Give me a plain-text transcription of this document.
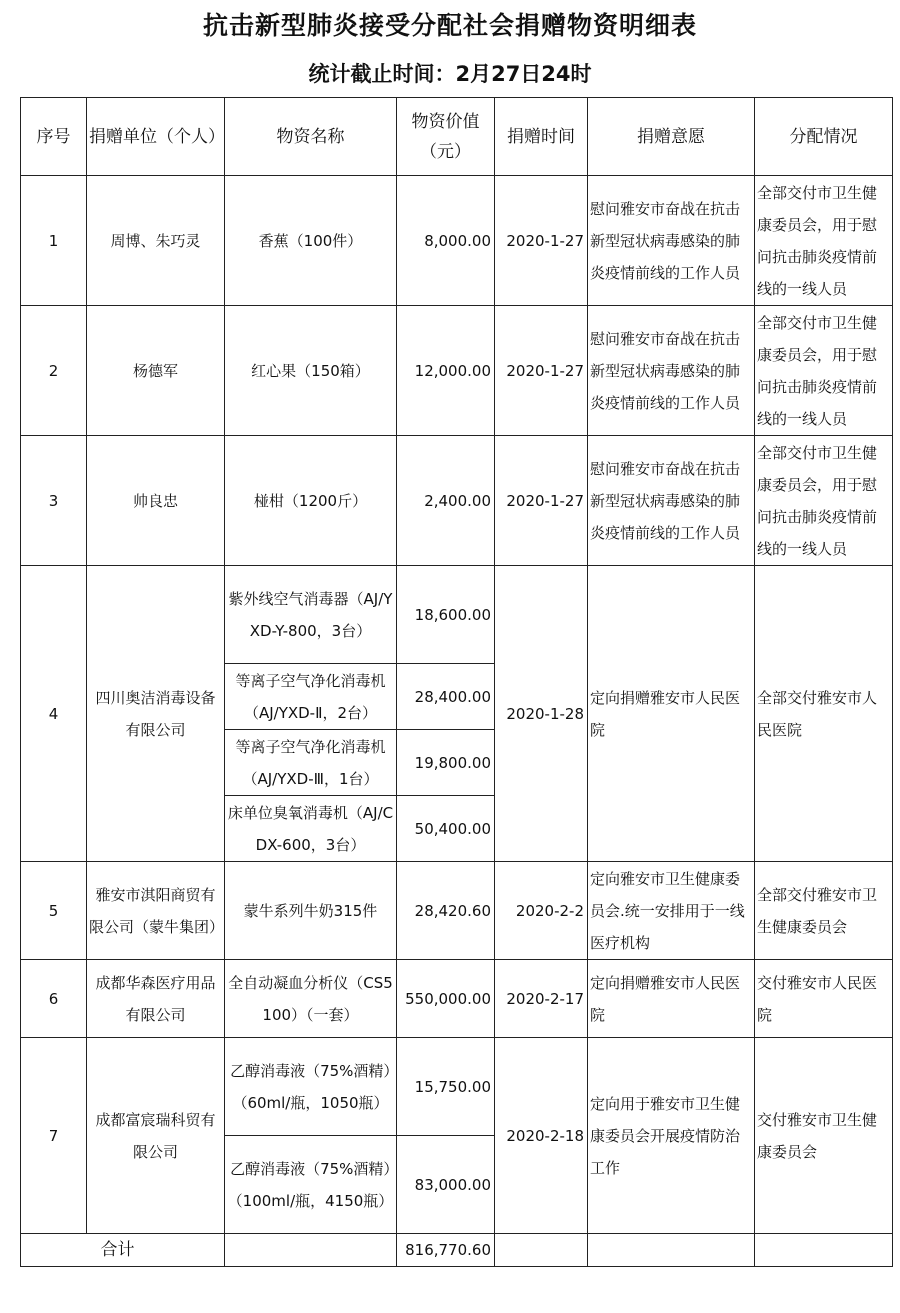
抗击新型肺炎接受分配社会捐赠物资明细表
统计截止时间：2月27日24时
序号	捐赠单位（个人）	物资名称	物资价值（元）	捐赠时间	捐赠意愿	分配情况
1	周博、朱巧灵	香蕉（100件）	8,000.00	2020-1-27	慰问雅安市奋战在抗击新型冠状病毒感染的肺炎疫情前线的工作人员	全部交付市卫生健康委员会，用于慰问抗击肺炎疫情前线的一线人员
2	杨德军	红心果（150箱）	12,000.00	2020-1-27	慰问雅安市奋战在抗击新型冠状病毒感染的肺炎疫情前线的工作人员	全部交付市卫生健康委员会，用于慰问抗击肺炎疫情前线的一线人员
3	帅良忠	椪柑（1200斤）	2,400.00	2020-1-27	慰问雅安市奋战在抗击新型冠状病毒感染的肺炎疫情前线的工作人员	全部交付市卫生健康委员会，用于慰问抗击肺炎疫情前线的一线人员
4	四川奥洁消毒设备有限公司	紫外线空气消毒器（AJ/YXD-Y-800，3台）	18,600.00	2020-1-28	定向捐赠雅安市人民医院	全部交付雅安市人民医院
		等离子空气净化消毒机（AJ/YXD-Ⅱ，2台）	28,400.00			
		等离子空气净化消毒机（AJ/YXD-Ⅲ，1台）	19,800.00			
		床单位臭氧消毒机（AJ/CDX-600，3台）	50,400.00			
5	雅安市淇阳商贸有限公司（蒙牛集团）	蒙牛系列牛奶315件	28,420.60	2020-2-2	定向雅安市卫生健康委员会.统一安排用于一线医疗机构	全部交付雅安市卫生健康委员会
6	成都华森医疗用品有限公司	全自动凝血分析仪（CS5100）（一套）	550,000.00	2020-2-17	定向捐赠雅安市人民医院	交付雅安市人民医院
7	成都富宸瑞科贸有限公司	乙醇消毒液（75%酒精）（60ml/瓶，1050瓶）	15,750.00	2020-2-18	定向用于雅安市卫生健康委员会开展疫情防治工作	交付雅安市卫生健康委员会
		乙醇消毒液（75%酒精）（100ml/瓶，4150瓶）	83,000.00			
	合计		816,770.60			
